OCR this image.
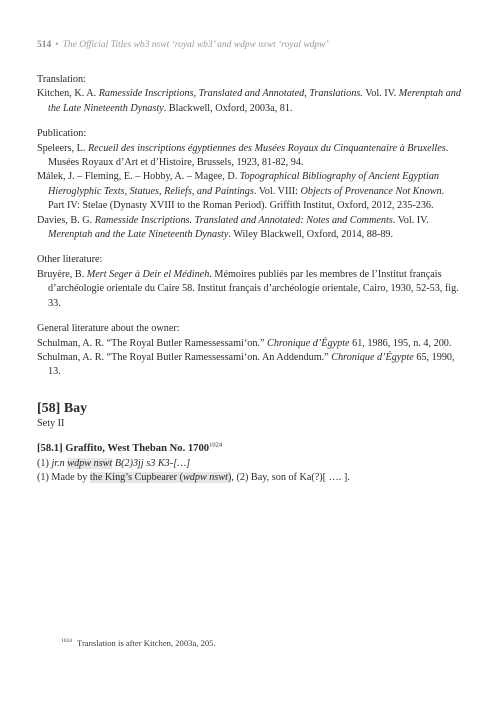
514 • The Official Titles wb3 nswt ‘royal wb3’ and wdpw nswt ‘royal wdpw’

Translation:

Kitchen, K. A. Ramesside Inscriptions, Translated and Annotated, Translations. Vol. IV. Merenptah and the Late Nineteenth Dynasty. Blackwell, Oxford, 2003a, 81.

Publication:

Speleers, L. Recueil des inscriptions égyptiennes des Musées Royaux du Cinquantenaire à Bruxelles. Musées Royaux d’Art et d’Histoire, Brussels, 1923, 81-82, 94.

Málek, J. – Fleming, E. – Hobby, A. – Magee, D. Topographical Bibliography of Ancient Egyptian Hieroglyphic Texts, Statues, Reliefs, and Paintings. Vol. VIII: Objects of Provenance Not Known. Part IV: Stelae (Dynasty XVIII to the Roman Period). Griffith Institut, Oxford, 2012, 235-236.

Davies, B. G. Ramesside Inscriptions. Translated and Annotated: Notes and Comments. Vol. IV. Merenptah and the Late Nineteenth Dynasty. Wiley Blackwell, Oxford, 2014, 88-89.

Other literature:

Bruyère, B. Mert Seger à Deir el Médineh. Mémoires publiés par les membres de l’Institut français d’archéologie orientale du Caire 58. Institut français d’archéologie orientale, Cairo, 1930, 52-53, fig. 33.

General literature about the owner:

Schulman, A. R. “The Royal Butler Ramessessami‘on.” Chronique d’Égypte 61, 1986, 195, n. 4, 200.

Schulman, A. R. “The Royal Butler Ramessessami‘on. An Addendum.” Chronique d’Égypte 65, 1990, 13.

[58] Bay

Sety II

[58.1] Graffito, West Theban No. $1700^{1024}$

(1) jr.n wdpw nswt B(2)3jj s3 K3-[…]

(1) Made by the King’s Cupbearer (wdpw nswt), (2) Bay, son of Ka(?)[ …. ].

$^{1024}$ Translation is after Kitchen, 2003a, 205.
